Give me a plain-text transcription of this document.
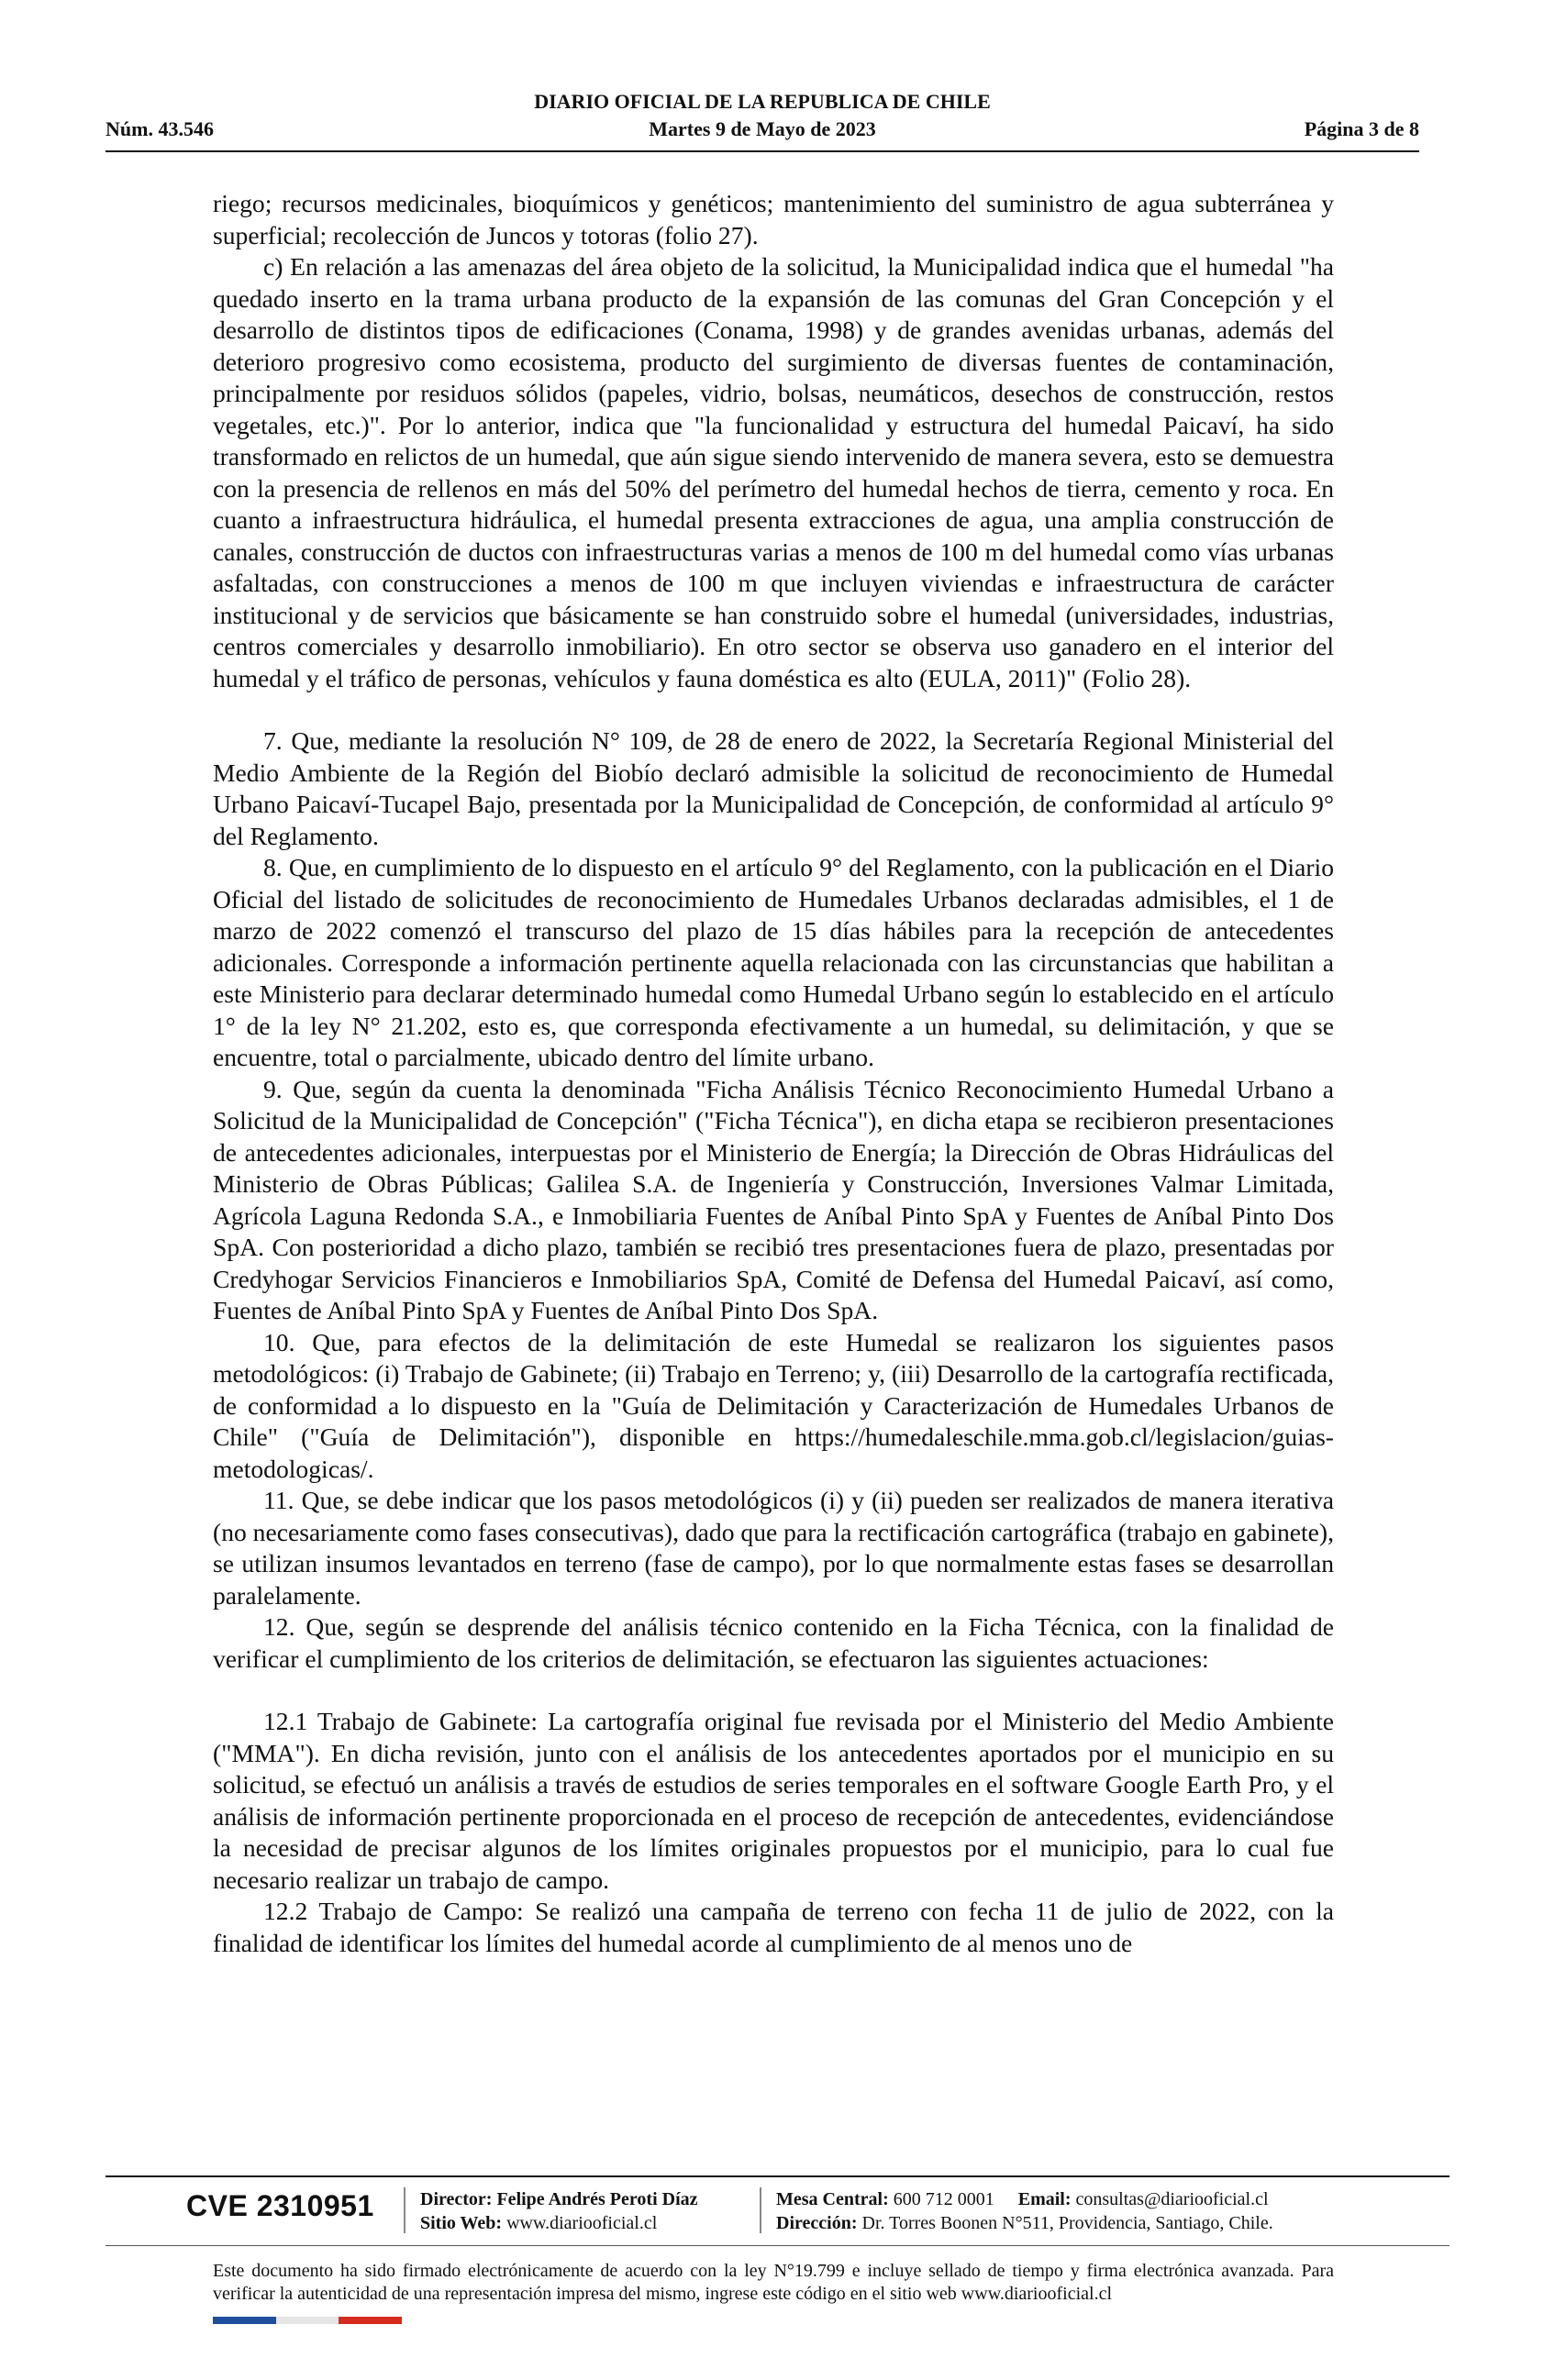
DIARIO OFICIAL DE LA REPUBLICA DE CHILE
Núm. 43.546	Martes 9 de Mayo de 2023	Página 3 de 8

riego; recursos medicinales, bioquímicos y genéticos; mantenimiento del suministro de agua subterránea y superficial; recolección de Juncos y totoras (folio 27).

c) En relación a las amenazas del área objeto de la solicitud, la Municipalidad indica que el humedal "ha quedado inserto en la trama urbana producto de la expansión de las comunas del Gran Concepción y el desarrollo de distintos tipos de edificaciones (Conama, 1998) y de grandes avenidas urbanas, además del deterioro progresivo como ecosistema, producto del surgimiento de diversas fuentes de contaminación, principalmente por residuos sólidos (papeles, vidrio, bolsas, neumáticos, desechos de construcción, restos vegetales, etc.)". Por lo anterior, indica que "la funcionalidad y estructura del humedal Paicaví, ha sido transformado en relictos de un humedal, que aún sigue siendo intervenido de manera severa, esto se demuestra con la presencia de rellenos en más del 50% del perímetro del humedal hechos de tierra, cemento y roca. En cuanto a infraestructura hidráulica, el humedal presenta extracciones de agua, una amplia construcción de canales, construcción de ductos con infraestructuras varias a menos de 100 m del humedal como vías urbanas asfaltadas, con construcciones a menos de 100 m que incluyen viviendas e infraestructura de carácter institucional y de servicios que básicamente se han construido sobre el humedal (universidades, industrias, centros comerciales y desarrollo inmobiliario). En otro sector se observa uso ganadero en el interior del humedal y el tráfico de personas, vehículos y fauna doméstica es alto (EULA, 2011)" (Folio 28).

7. Que, mediante la resolución N° 109, de 28 de enero de 2022, la Secretaría Regional Ministerial del Medio Ambiente de la Región del Biobío declaró admisible la solicitud de reconocimiento de Humedal Urbano Paicaví-Tucapel Bajo, presentada por la Municipalidad de Concepción, de conformidad al artículo 9° del Reglamento.

8. Que, en cumplimiento de lo dispuesto en el artículo 9° del Reglamento, con la publicación en el Diario Oficial del listado de solicitudes de reconocimiento de Humedales Urbanos declaradas admisibles, el 1 de marzo de 2022 comenzó el transcurso del plazo de 15 días hábiles para la recepción de antecedentes adicionales. Corresponde a información pertinente aquella relacionada con las circunstancias que habilitan a este Ministerio para declarar determinado humedal como Humedal Urbano según lo establecido en el artículo 1° de la ley N° 21.202, esto es, que corresponda efectivamente a un humedal, su delimitación, y que se encuentre, total o parcialmente, ubicado dentro del límite urbano.

9. Que, según da cuenta la denominada "Ficha Análisis Técnico Reconocimiento Humedal Urbano a Solicitud de la Municipalidad de Concepción" ("Ficha Técnica"), en dicha etapa se recibieron presentaciones de antecedentes adicionales, interpuestas por el Ministerio de Energía; la Dirección de Obras Hidráulicas del Ministerio de Obras Públicas; Galilea S.A. de Ingeniería y Construcción, Inversiones Valmar Limitada, Agrícola Laguna Redonda S.A., e Inmobiliaria Fuentes de Aníbal Pinto SpA y Fuentes de Aníbal Pinto Dos SpA. Con posterioridad a dicho plazo, también se recibió tres presentaciones fuera de plazo, presentadas por Credyhogar Servicios Financieros e Inmobiliarios SpA, Comité de Defensa del Humedal Paicaví, así como, Fuentes de Aníbal Pinto SpA y Fuentes de Aníbal Pinto Dos SpA.

10. Que, para efectos de la delimitación de este Humedal se realizaron los siguientes pasos metodológicos: (i) Trabajo de Gabinete; (ii) Trabajo en Terreno; y, (iii) Desarrollo de la cartografía rectificada, de conformidad a lo dispuesto en la "Guía de Delimitación y Caracterización de Humedales Urbanos de Chile" ("Guía de Delimitación"), disponible en https://humedaleschile.mma.gob.cl/legislacion/guias-metodologicas/.

11. Que, se debe indicar que los pasos metodológicos (i) y (ii) pueden ser realizados de manera iterativa (no necesariamente como fases consecutivas), dado que para la rectificación cartográfica (trabajo en gabinete), se utilizan insumos levantados en terreno (fase de campo), por lo que normalmente estas fases se desarrollan paralelamente.

12. Que, según se desprende del análisis técnico contenido en la Ficha Técnica, con la finalidad de verificar el cumplimiento de los criterios de delimitación, se efectuaron las siguientes actuaciones:

12.1 Trabajo de Gabinete: La cartografía original fue revisada por el Ministerio del Medio Ambiente ("MMA"). En dicha revisión, junto con el análisis de los antecedentes aportados por el municipio en su solicitud, se efectuó un análisis a través de estudios de series temporales en el software Google Earth Pro, y el análisis de información pertinente proporcionada en el proceso de recepción de antecedentes, evidenciándose la necesidad de precisar algunos de los límites originales propuestos por el municipio, para lo cual fue necesario realizar un trabajo de campo.

12.2 Trabajo de Campo: Se realizó una campaña de terreno con fecha 11 de julio de 2022, con la finalidad de identificar los límites del humedal acorde al cumplimiento de al menos uno de

CVE 2310951	Director: Felipe Andrés Peroti Díaz
Sitio Web: www.diariooficial.cl
Mesa Central: 600 712 0001 Email: consultas@diariooficial.cl
Dirección: Dr. Torres Boonen N°511, Providencia, Santiago, Chile.
Este documento ha sido firmado electrónicamente de acuerdo con la ley N°19.799 e incluye sellado de tiempo y firma electrónica avanzada. Para verificar la autenticidad de una representación impresa del mismo, ingrese este código en el sitio web www.diariooficial.cl
